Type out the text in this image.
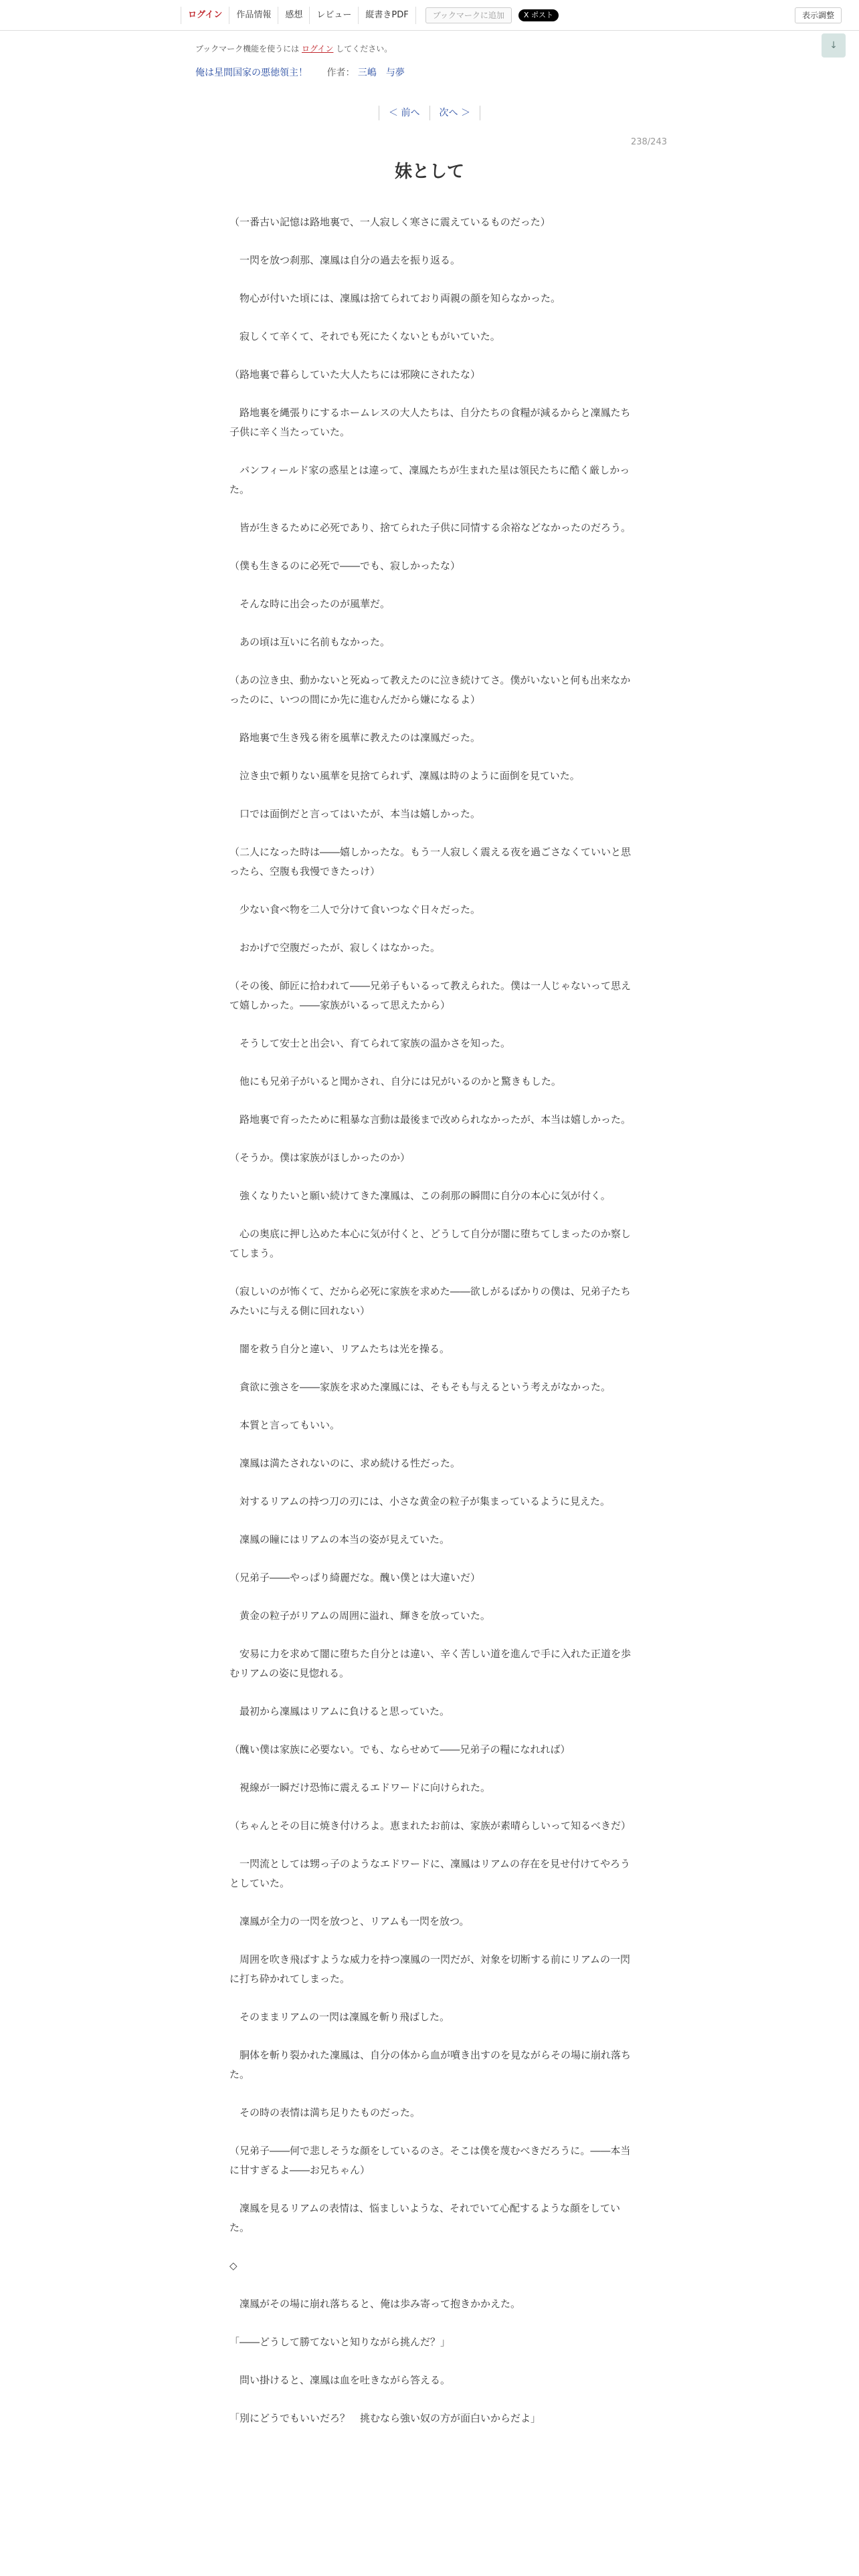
ログイン	作品情報	感想	レビュー	縦書きPDF	ブックマークに追加	X ポスト	表示調整
↓
ブックマーク機能を使うには ログイン してください。
俺は星間国家の悪徳領主！ 作者： 三嶋　与夢
＜ 前へ 次へ ＞
238/243
妹として

（一番古い記憶は路地裏で、一人寂しく寒さに震えているものだった）

一閃を放つ刹那、凜鳳は自分の過去を振り返る。

物心が付いた頃には、凜鳳は捨てられており両親の顔を知らなかった。

寂しくて辛くて、それでも死にたくないともがいていた。

（路地裏で暮らしていた大人たちには邪険にされたな）

路地裏を縄張りにするホームレスの大人たちは、自分たちの食糧が減るからと凜鳳たち子供に辛く当たっていた。

バンフィールド家の惑星とは違って、凜鳳たちが生まれた星は領民たちに酷く厳しかった。

皆が生きるために必死であり、捨てられた子供に同情する余裕などなかったのだろう。

（僕も生きるのに必死で――でも、寂しかったな）

そんな時に出会ったのが風華だ。

あの頃は互いに名前もなかった。

（あの泣き虫、動かないと死ぬって教えたのに泣き続けてさ。僕がいないと何も出来なかったのに、いつの間にか先に進むんだから嫌になるよ）

路地裏で生き残る術を風華に教えたのは凜鳳だった。

泣き虫で頼りない風華を見捨てられず、凜鳳は時のように面倒を見ていた。

口では面倒だと言ってはいたが、本当は嬉しかった。

（二人になった時は――嬉しかったな。もう一人寂しく震える夜を過ごさなくていいと思ったら、空腹も我慢できたっけ）

少ない食べ物を二人で分けて食いつなぐ日々だった。

おかげで空腹だったが、寂しくはなかった。

（その後、師匠に拾われて――兄弟子もいるって教えられた。僕は一人じゃないって思えて嬉しかった。――家族がいるって思えたから）

そうして安士と出会い、育てられて家族の温かさを知った。

他にも兄弟子がいると聞かされ、自分には兄がいるのかと驚きもした。

路地裏で育ったために粗暴な言動は最後まで改められなかったが、本当は嬉しかった。

（そうか。僕は家族がほしかったのか）

強くなりたいと願い続けてきた凜鳳は、この刹那の瞬間に自分の本心に気が付く。

心の奥底に押し込めた本心に気が付くと、どうして自分が闇に堕ちてしまったのか察してしまう。

（寂しいのが怖くて、だから必死に家族を求めた――欲しがるばかりの僕は、兄弟子たちみたいに与える側に回れない）

闇を救う自分と違い、リアムたちは光を操る。

貪欲に強さを――家族を求めた凜鳳には、そもそも与えるという考えがなかった。

本質と言ってもいい。

凜鳳は満たされないのに、求め続ける性だった。

対するリアムの持つ刀の刃には、小さな黄金の粒子が集まっているように見えた。

凜鳳の瞳にはリアムの本当の姿が見えていた。

（兄弟子――やっぱり綺麗だな。醜い僕とは大違いだ）

黄金の粒子がリアムの周囲に溢れ、輝きを放っていた。

安易に力を求めて闇に堕ちた自分とは違い、辛く苦しい道を進んで手に入れた正道を歩むリアムの姿に見惚れる。

最初から凜鳳はリアムに負けると思っていた。

（醜い僕は家族に必要ない。でも、ならせめて――兄弟子の糧になれれば）

視線が一瞬だけ恐怖に震えるエドワードに向けられた。

（ちゃんとその目に焼き付けろよ。恵まれたお前は、家族が素晴らしいって知るべきだ）

一閃流としては甥っ子のようなエドワードに、凜鳳はリアムの存在を見せ付けてやろうとしていた。

凜鳳が全力の一閃を放つと、リアムも一閃を放つ。

周囲を吹き飛ばすような威力を持つ凜鳳の一閃だが、対象を切断する前にリアムの一閃に打ち砕かれてしまった。

そのままリアムの一閃は凜鳳を斬り飛ばした。

胴体を斬り裂かれた凜鳳は、自分の体から血が噴き出すのを見ながらその場に崩れ落ちた。

その時の表情は満ち足りたものだった。

（兄弟子――何で悲しそうな顔をしているのさ。そこは僕を蔑むべきだろうに。――本当に甘すぎるよ――お兄ちゃん）

凜鳳を見るリアムの表情は、悩ましいような、それでいて心配するような顔をしていた。

◇

凜鳳がその場に崩れ落ちると、俺は歩み寄って抱きかかえた。

「――どうして勝てないと知りながら挑んだ？」

問い掛けると、凜鳳は血を吐きながら答える。

「別にどうでもいいだろ？　挑むなら強い奴の方が面白いからだよ」
